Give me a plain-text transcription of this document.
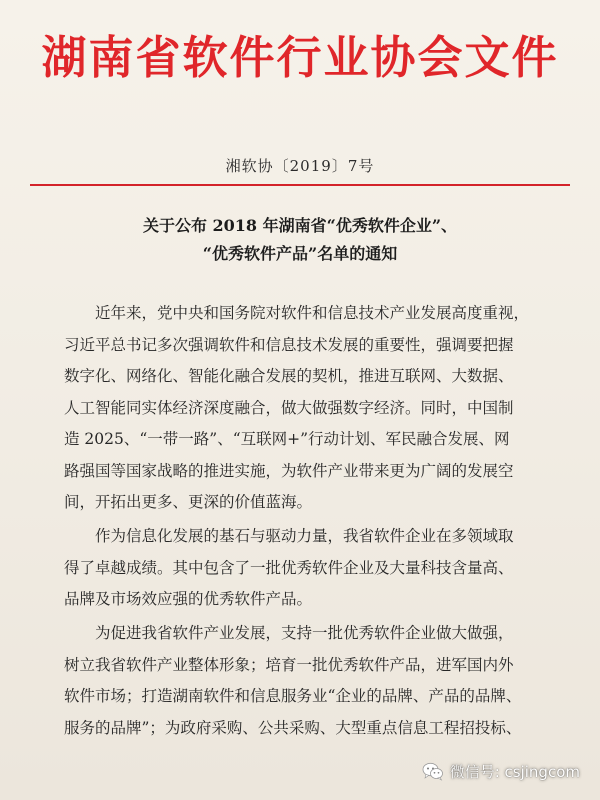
湖南省软件行业协会文件
湘软协〔2019〕7号
关于公布 2018 年湖南省“优秀软件企业”、
“优秀软件产品”名单的通知
近年来，党中央和国务院对软件和信息技术产业发展高度重视，
习近平总书记多次强调软件和信息技术发展的重要性，强调要把握
数字化、网络化、智能化融合发展的契机，推进互联网、大数据、
人工智能同实体经济深度融合，做大做强数字经济。同时，中国制
造 2025、“一带一路”、“互联网+”行动计划、军民融合发展、网
路强国等国家战略的推进实施，为软件产业带来更为广阔的发展空
间，开拓出更多、更深的价值蓝海。
作为信息化发展的基石与驱动力量，我省软件企业在多领域取
得了卓越成绩。其中包含了一批优秀软件企业及大量科技含量高、
品牌及市场效应强的优秀软件产品。
为促进我省软件产业发展，支持一批优秀软件企业做大做强，
树立我省软件产业整体形象；培育一批优秀软件产品，进军国内外
软件市场；打造湖南软件和信息服务业“企业的品牌、产品的品牌、
服务的品牌”；为政府采购、公共采购、大型重点信息工程招投标、
微信号: csjingcom
